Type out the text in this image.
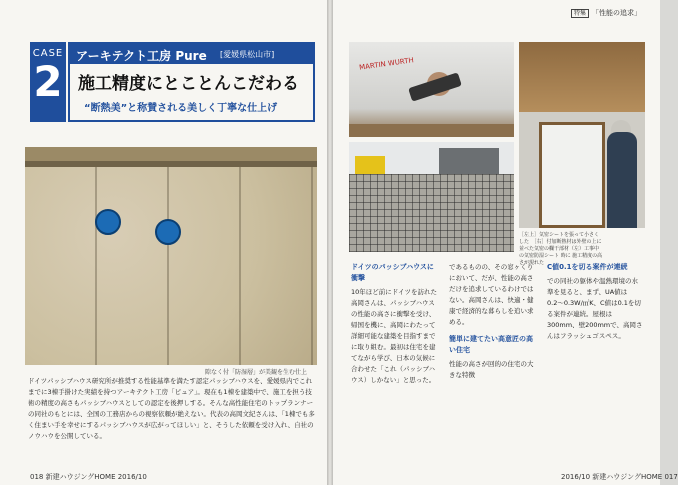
CASE
2
アーキテクト工房 Pure [愛媛県松山市]
施工精度にとことんこだわる
“断熱美”と称賛される美しく丁寧な仕上げ
隙なく付「防湿層」が美観を生む仕上

ドイツパッシブハウス研究所が推奨する性能基準を満たす認定パッシブハウスを、愛媛県内でこれまでに3棟手掛けた実績を持つアーキテクト工房「ピュア」。現在も1棟を建築中で、施工を担う技術の精度の高さもパッシブハウスとしての認定を後押しする。そんな高性能住宅のトップランナーの同社のもとには、全国の工務店からの視察依頼が絶えない。代表の高岡文紀さんは、「1棟でも多く住まい手を幸せにするパッシブハウスが広がってほしい」と、そうした依頼を受け入れ、自社のノウハウを公開している。

018 新建ハウジングHOME 2016/10
特集 「性能の追求」
MARTIN WURTH
［左上］気密シートを張って小さくした　［右］付加断熱材は外壁の上に並べた気密の欄干部材（左）工事中の気密防湿シート 時に 施工精度の高さが現れた
ドイツのパッシブハウスに衝撃

10年ほど前にドイツを訪れた高岡さんは、パッシブハウスの性能の高さに衝撃を受け、帰国を機に、高岡にわたって詳細可能な建築を目指すまでに取り組む。最初は住宅を建てながら学び、日本の気候に合わせた「これ（パッシブハウス）しかない」と思った。

であるものの、その窓ヶくりにおいて、だが、性能の高さだけを追求しているわけではない。高岡さんは、快適・健康で経済的な暮らしを追い求める。

簡単に建てたい高意匠の高い住宅

性能の高さが回的の住宅の大きな特徴

C値0.1を切る案件が連続

での同社の躯体や温熱環境の水準を見ると、まず、UA値は0.2〜0.3W/㎡K、C値は0.1を切る案件が連続。屋根は300mm、壁200mmで、高岡さんはフラッシュゴスペス。

2016/10 新建ハウジングHOME 017
